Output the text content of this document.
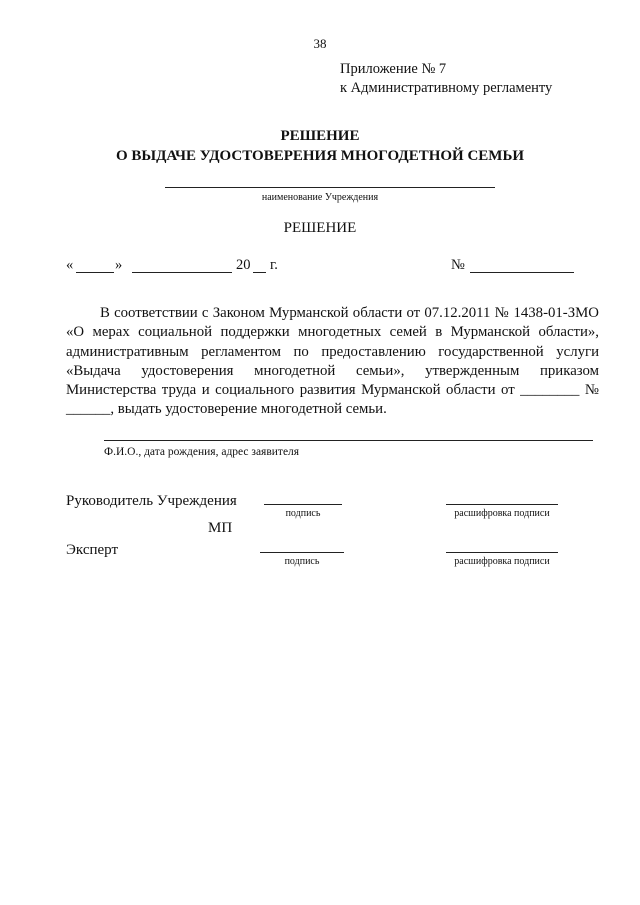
38
Приложение № 7
к Административному регламенту
РЕШЕНИЕ
О ВЫДАЧЕ УДОСТОВЕРЕНИЯ МНОГОДЕТНОЙ СЕМЬИ
наименование Учреждения
РЕШЕНИЕ
«	»	20 г.	№
В соответствии с Законом Мурманской области от 07.12.2011 № 1438-01-ЗМО «О мерах социальной поддержки многодетных семей в Мурманской области», административным регламентом по предоставлению государственной услуги «Выдача удостоверения многодетной семьи», утвержденным приказом Министерства труда и социального развития Мурманской области от ________ № ______, выдать удостоверение многодетной семьи.
Ф.И.О., дата рождения, адрес заявителя
Руководитель Учреждения
подпись	расшифровка подписи
МП
Эксперт
подпись	расшифровка подписи
